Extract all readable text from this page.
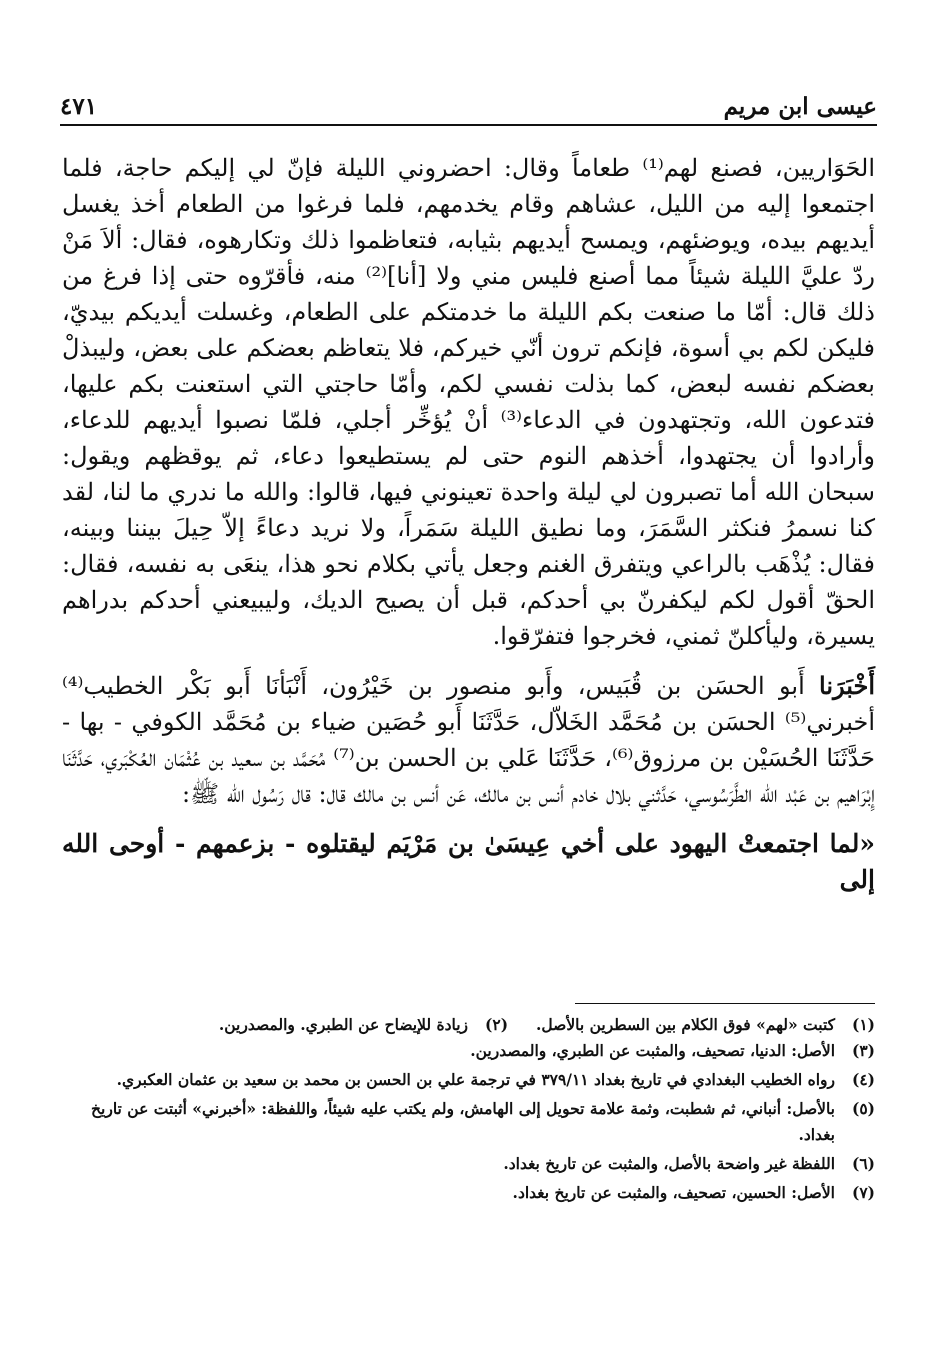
٤٧١	عيسى ابن مريم

الحَوَاريين، فصنع لهم⁽¹⁾ طعاماً وقال: احضروني الليلة فإنّ لي إليكم حاجة، فلما اجتمعوا إليه من الليل، عشاهم وقام يخدمهم، فلما فرغوا من الطعام أخذ يغسل أيديهم بيده، ويوضئهم، ويمسح أيديهم بثيابه، فتعاظموا ذلك وتكارهوه، فقال: ألاَ مَنْ ردّ عليَّ الليلة شيئاً مما أصنع فليس مني ولا [أنا]⁽²⁾ منه، فأقرّوه حتى إذا فرغ من ذلك قال: أمّا ما صنعت بكم الليلة ما خدمتكم على الطعام، وغسلت أيديكم بيديّ، فليكن لكم بي أسوة، فإنكم ترون أنّي خيركم، فلا يتعاظم بعضكم على بعض، وليبذلْ بعضكم نفسه لبعض، كما بذلت نفسي لكم، وأمّا حاجتي التي استعنت بكم عليها، فتدعون الله، وتجتهدون في الدعاء⁽³⁾ أنْ يُؤخِّر أجلي، فلمّا نصبوا أيديهم للدعاء، وأرادوا أن يجتهدوا، أخذهم النوم حتى لم يستطيعوا دعاء، ثم يوقظهم ويقول: سبحان الله أما تصبرون لي ليلة واحدة تعينوني فيها، قالوا: والله ما ندري ما لنا، لقد كنا نسمرُ فنكثر السَّمَرَ، وما نطيق الليلة سَمَراً، ولا نريد دعاءً إلاّ حِيلَ بيننا وبينه، فقال: يُذْهَب بالراعي ويتفرق الغنم وجعل يأتي بكلام نحو هذا، ينعَى به نفسه، فقال: الحقّ أقول لكم ليكفرنّ بي أحدكم، قبل أن يصيح الديك، وليبيعني أحدكم بدراهم يسيرة، وليأكلنّ ثمني، فخرجوا فتفرّقوا.

أَخْبَرَنا أَبو الحسَن بن قُبَيس، وأَبو منصور بن خَيْرُون، أَنْبَأنَا أَبو بَكْر الخطيب⁽⁴⁾ أخبرني⁽⁵⁾ الحسَن بن مُحَمَّد الخَلاّل، حَدَّثَنَا أَبو حُصَين ضياء بن مُحَمَّد الكوفي - بها - حَدَّثَنَا الحُسَيْن بن مرزوق⁽⁶⁾، حَدَّثَنَا عَلي بن الحسن بن⁽⁷⁾ مُحَمَّد بن سعيد بن عُثْمَان العُكْبَري، حَدَّثَنَا إِبْرَاهيم بن عَبْد اللّه الطَّرَسُوسي، حَدَّثني بلال خادم أنس بن مالك، عَن أنس بن مالك قال: قال رَسُول الله ﷺ:

«لما اجتمعتْ اليهود على أخي عِيسَىٰ بن مَرْيَم ليقتلوه - بزعمهم - أوحى الله إلى

(١)
كتبت «لهم» فوق الكلام بين السطرين بالأصل.
(٢)
زيادة للإيضاح عن الطبري. والمصدرين.
(٣)
الأصل: الدنيا، تصحيف، والمثبت عن الطبري، والمصدرين.
(٤)
رواه الخطيب البغدادي في تاريخ بغداد ٣٧٩/١١ في ترجمة علي بن الحسن بن محمد بن سعيد بن عثمان العكبري.
(٥)
بالأصل: أنباني، ثم شطبت، وثمة علامة تحويل إلى الهامش، ولم يكتب عليه شيئاً، واللفظة: «أخبرني» أثبتت عن تاريخ بغداد.
(٦)
اللفظة غير واضحة بالأصل، والمثبت عن تاريخ بغداد.
(٧)
الأصل: الحسين، تصحيف، والمثبت عن تاريخ بغداد.
